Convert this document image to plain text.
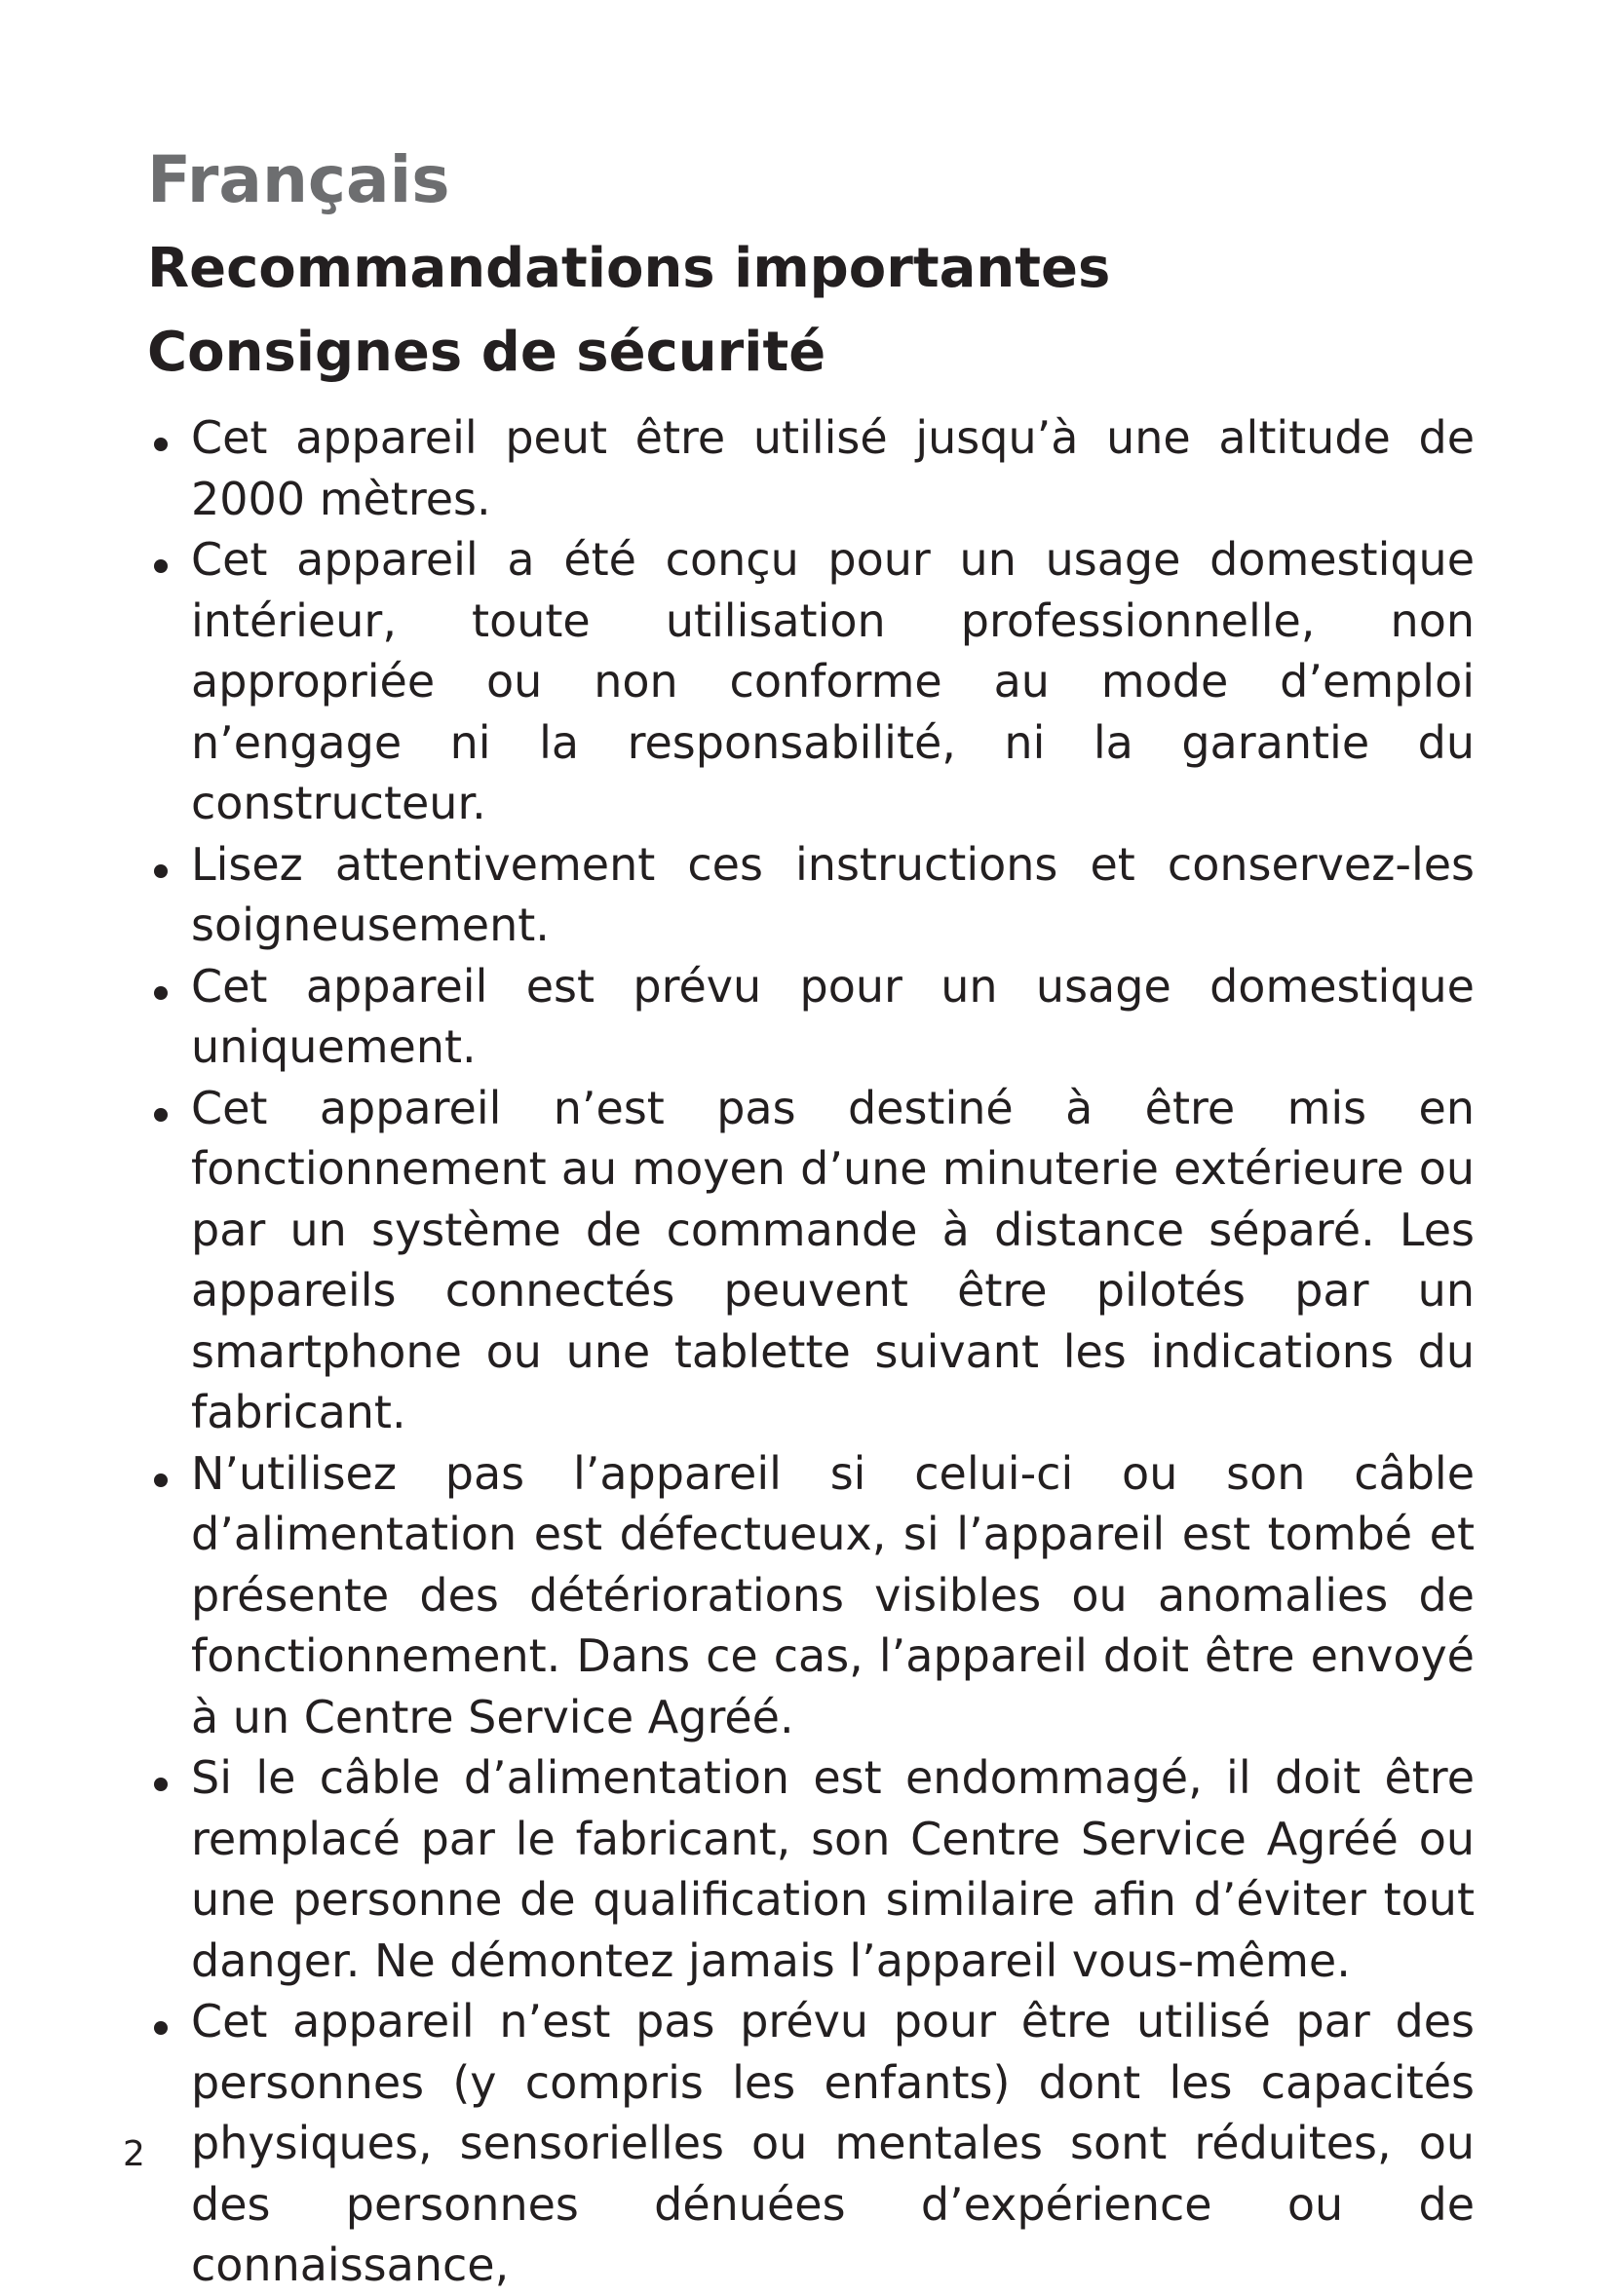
Français
Recommandations importantes
Consignes de sécurité
Cet appareil peut être utilisé jusqu’à une altitude de 2000 mètres.
Cet appareil a été conçu pour un usage domestique intérieur, toute utilisation professionnelle, non appropriée ou non conforme au mode d’emploi n’engage ni la responsabilité, ni la garantie du constructeur.
Lisez attentivement ces instructions et conservez-les soigneusement.
Cet appareil est prévu pour un usage domestique uniquement.
Cet appareil n’est pas destiné à être mis en fonctionnement au moyen d’une minuterie extérieure ou par un système de commande à distance séparé. Les appareils connectés peuvent être pilotés par un smartphone ou une tablette suivant les indications du fabricant.
N’utilisez pas l’appareil si celui-ci ou son câble d’alimentation est défectueux, si l’appareil est tombé et présente des détériorations visibles ou anomalies de fonctionnement. Dans ce cas, l’appareil doit être envoyé à un Centre Service Agréé.
Si le câble d’alimentation est endommagé, il doit être remplacé par le fabricant, son Centre Service Agréé ou une personne de qualification similaire afin d’éviter tout danger. Ne démontez jamais l’appareil vous-même.
Cet appareil n’est pas prévu pour être utilisé par des personnes (y compris les enfants) dont les capacités physiques, sensorielles ou mentales sont réduites, ou des personnes dénuées d’expérience ou de connaissance,
2
